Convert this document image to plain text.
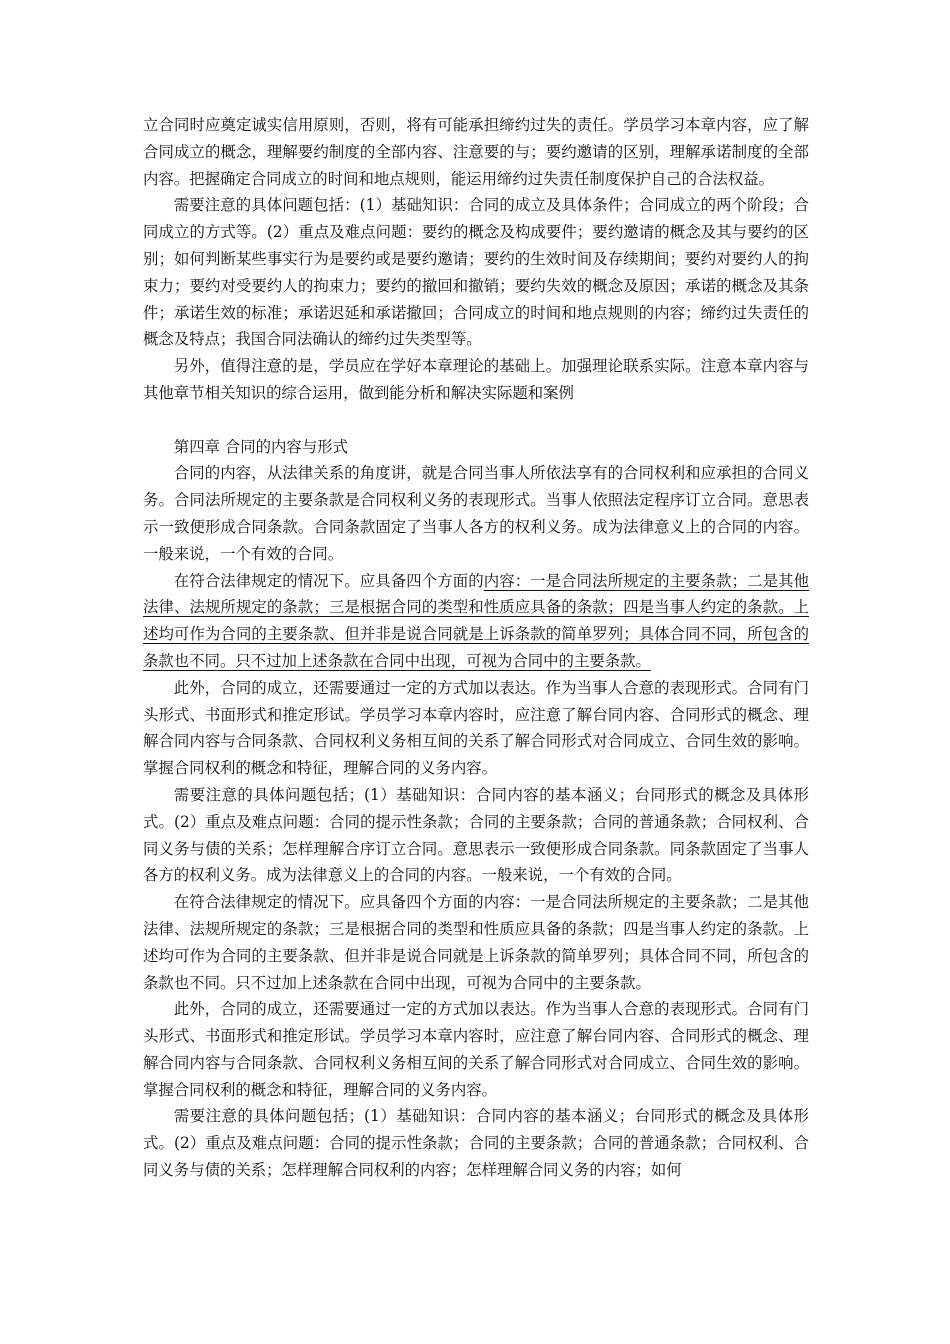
立合同时应奠定诚实信用原则，否则，将有可能承担缔约过失的责任。学员学习本章内容，应了解合同成立的概念，理解要约制度的全部内容、注意要的与；要约邀请的区别，理解承诺制度的全部内容。把握确定合同成立的时间和地点规则，能运用缔约过失责任制度保护自己的合法权益。

需要注意的具体问题包括：(1）基础知识：合同的成立及具体条件；合同成立的两个阶段；合同成立的方式等。(2）重点及难点问题：要约的概念及构成要件；要约邀请的概念及其与要约的区别；如何判断某些事实行为是要约或是要约邀请；要约的生效时间及存续期间；要约对要约人的拘束力；要约对受要约人的拘束力；要约的撤回和撤销；要约失效的概念及原因；承诺的概念及其条件；承诺生效的标准；承诺迟延和承诺撤回；合同成立的时间和地点规则的内容；缔约过失责任的概念及特点；我国合同法确认的缔约过失类型等。

另外，值得注意的是，学员应在学好本章理论的基础上。加强理论联系实际。注意本章内容与其他章节相关知识的综合运用，做到能分析和解决实际题和案例

第四章 合同的内容与形式

合同的内容，从法律关系的角度讲，就是合同当事人所依法享有的合同权利和应承担的合同义务。合同法所规定的主要条款是合同权利义务的表现形式。当事人依照法定程序订立合同。意思表示一致便形成合同条款。合同条款固定了当事人各方的权利义务。成为法律意义上的合同的内容。一般来说，一个有效的合同。

在符合法律规定的情况下。应具备四个方面的内容：一是合同法所规定的主要条款；二是其他法律、法规所规定的条款；三是根据合同的类型和性质应具备的条款；四是当事人约定的条款。上述均可作为合同的主要条款、但并非是说合同就是上诉条款的简单罗列；具体合同不同，所包含的条款也不同。只不过加上述条款在合同中出现，可视为合同中的主要条款。

此外，合同的成立，还需要通过一定的方式加以表达。作为当事人合意的表现形式。合同有门头形式、书面形式和推定形试。学员学习本章内容时，应注意了解台同内容、合同形式的概念、理解合同内容与合同条款、合同权利义务相互间的关系了解合同形式对合同成立、合同生效的影响。掌握合同权利的概念和特征，理解合同的义务内容。

需要注意的具体问题包括；(1）基础知识：合同内容的基本涵义；台同形式的概念及具体形式。(2）重点及难点问题：合同的提示性条款；合同的主要条款；合同的普通条款；合同权利、合同义务与债的关系；怎样理解合序订立合同。意思表示一致便形成合同条款。同条款固定了当事人各方的权利义务。成为法律意义上的合同的内容。一般来说，一个有效的合同。

在符合法律规定的情况下。应具备四个方面的内容：一是合同法所规定的主要条款；二是其他法律、法规所规定的条款；三是根据合同的类型和性质应具备的条款；四是当事人约定的条款。上述均可作为合同的主要条款、但并非是说合同就是上诉条款的简单罗列；具体合同不同，所包含的条款也不同。只不过加上述条款在合同中出现，可视为合同中的主要条款。

此外，合同的成立，还需要通过一定的方式加以表达。作为当事人合意的表现形式。合同有门头形式、书面形式和推定形试。学员学习本章内容时，应注意了解台同内容、合同形式的概念、理解合同内容与合同条款、合同权利义务相互间的关系了解合同形式对合同成立、合同生效的影响。掌握合同权利的概念和特征，理解合同的义务内容。

需要注意的具体问题包括；(1）基础知识：合同内容的基本涵义；台同形式的概念及具体形式。(2）重点及难点问题：合同的提示性条款；合同的主要条款；合同的普通条款；合同权利、合同义务与债的关系；怎样理解合同权利的内容；怎样理解合同义务的内容；如何
